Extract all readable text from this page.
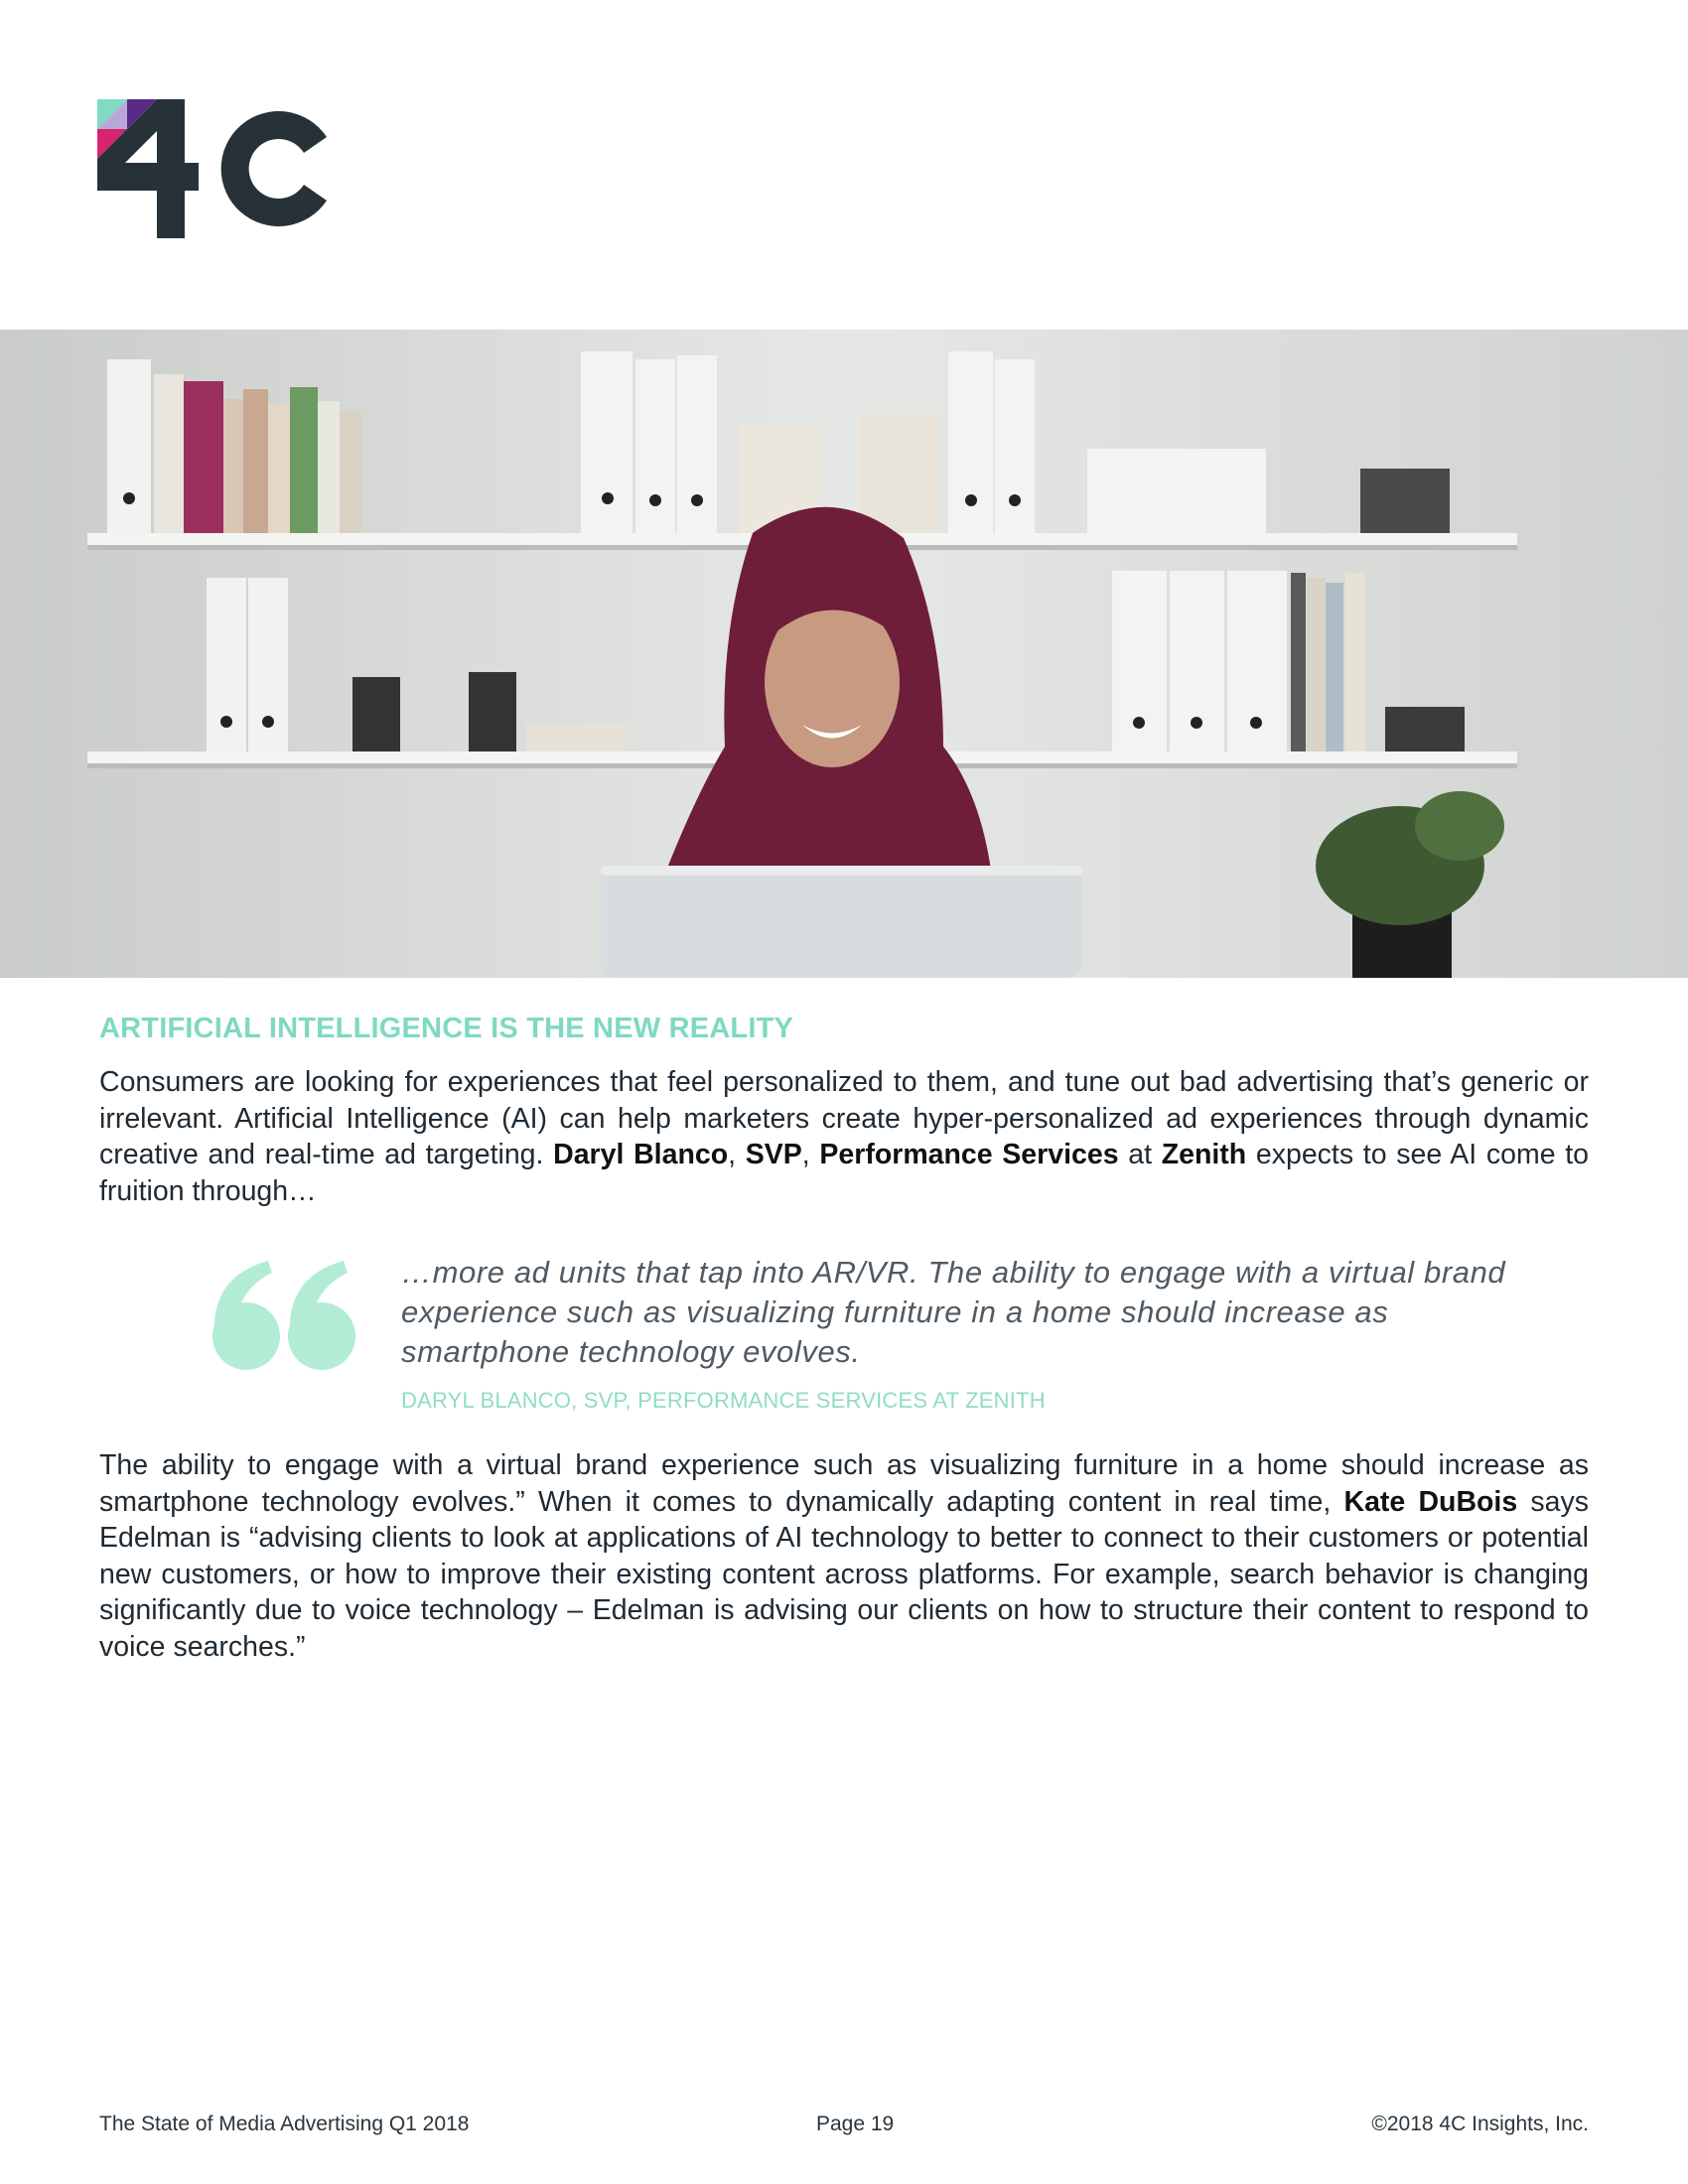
ARTIFICIAL INTELLIGENCE IS THE NEW REALITY
Consumers are looking for experiences that feel personalized to them, and tune out bad advertising that’s generic or irrelevant. Artificial Intelligence (AI) can help marketers create hyper-personalized ad experiences through dynamic creative and real-time ad targeting. Daryl Blanco, SVP, Performance Services at Zenith expects to see AI come to fruition through…
…more ad units that tap into AR/VR. The ability to engage with a virtual brand experience such as visualizing furniture in a home should increase as smartphone technology evolves.
DARYL BLANCO, SVP, PERFORMANCE SERVICES AT ZENITH
The ability to engage with a virtual brand experience such as visualizing furniture in a home should increase as smartphone technology evolves.” When it comes to dynamically adapting content in real time, Kate DuBois says Edelman is “advising clients to look at applications of AI technology to better to connect to their customers or potential new customers, or how to improve their existing content across platforms. For example, search behavior is changing significantly due to voice technology – Edelman is advising our clients on how to structure their content to respond to voice searches.”
The State of Media Advertising Q1 2018	Page 19	©2018 4C Insights, Inc.
